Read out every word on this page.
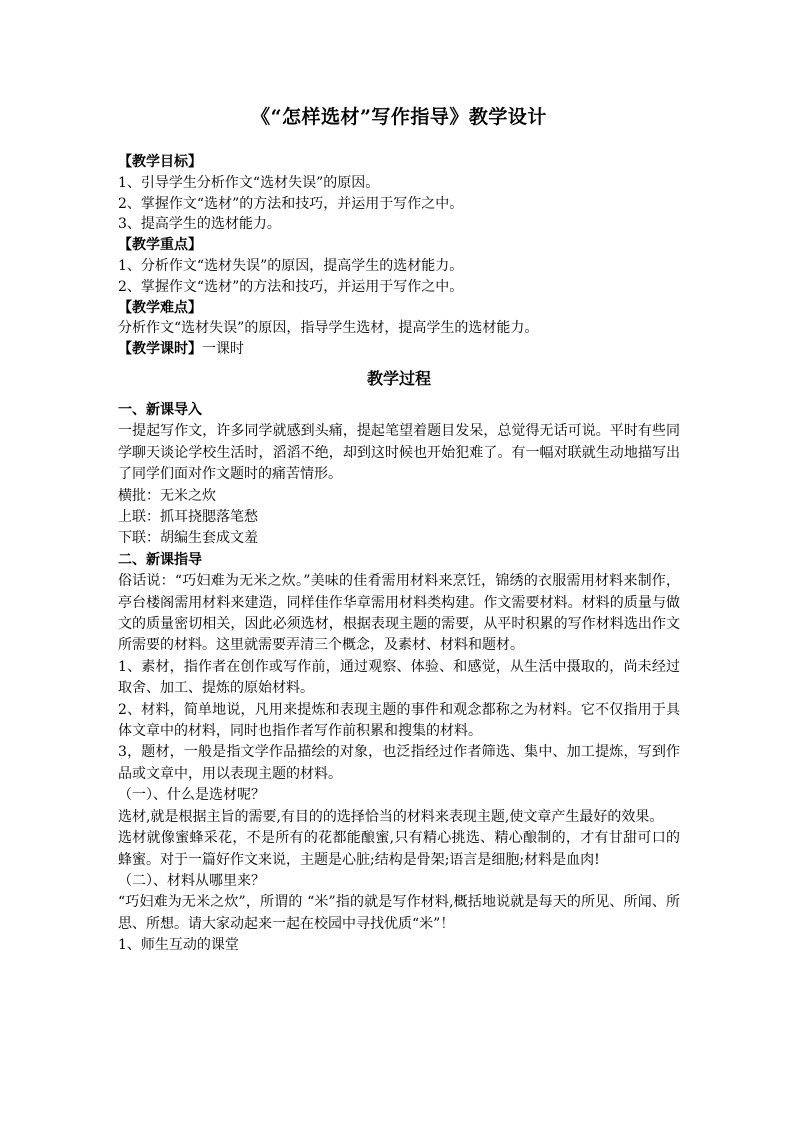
《“怎样选材”写作指导》教学设计
【教学目标】
1、引导学生分析作文“选材失误”的原因。
2、掌握作文“选材”的方法和技巧，并运用于写作之中。
3、提高学生的选材能力。
【教学重点】
1、分析作文“选材失误”的原因，提高学生的选材能力。
2、掌握作文“选材”的方法和技巧，并运用于写作之中。
【教学难点】
分析作文“选材失误”的原因，指导学生选材，提高学生的选材能力。
【教学课时】一课时
教学过程
一、新课导入
一提起写作文，许多同学就感到头痛，提起笔望着题目发呆，总觉得无话可说。平时有些同学聊天谈论学校生活时，滔滔不绝，却到这时候也开始犯难了。有一幅对联就生动地描写出了同学们面对作文题时的痛苦情形。
横批：无米之炊
上联：抓耳挠腮落笔愁
下联：胡编生套成文羞
二、新课指导
俗话说：“巧妇难为无米之炊。”美味的佳肴需用材料来烹饪，锦绣的衣服需用材料来制作，亭台楼阁需用材料来建造，同样佳作华章需用材料类构建。作文需要材料。材料的质量与做文的质量密切相关，因此必须选材，根据表现主题的需要，从平时积累的写作材料选出作文所需要的材料。这里就需要弄清三个概念，及素材、材料和题材。
1、素材，指作者在创作或写作前，通过观察、体验、和感觉，从生活中摄取的，尚未经过取舍、加工、提炼的原始材料。
2、材料，简单地说，凡用来提炼和表现主题的事件和观念都称之为材料。它不仅指用于具体文章中的材料，同时也指作者写作前积累和搜集的材料。
3，题材，一般是指文学作品描绘的对象，也泛指经过作者筛选、集中、加工提炼，写到作品或文章中，用以表现主题的材料。
（一）、什么是选材呢？
选材,就是根据主旨的需要,有目的的选择恰当的材料来表现主题,使文章产生最好的效果。
选材就像蜜蜂采花，不是所有的花都能酿蜜,只有精心挑选、精心酿制的，才有甘甜可口的蜂蜜。对于一篇好作文来说，主题是心脏;结构是骨架;语言是细胞;材料是血肉!
（二）、材料从哪里来？
“巧妇难为无米之炊”，所谓的 “米”指的就是写作材料,概括地说就是每天的所见、所闻、所思、所想。请大家动起来一起在校园中寻找优质“米”！
1、师生互动的课堂
